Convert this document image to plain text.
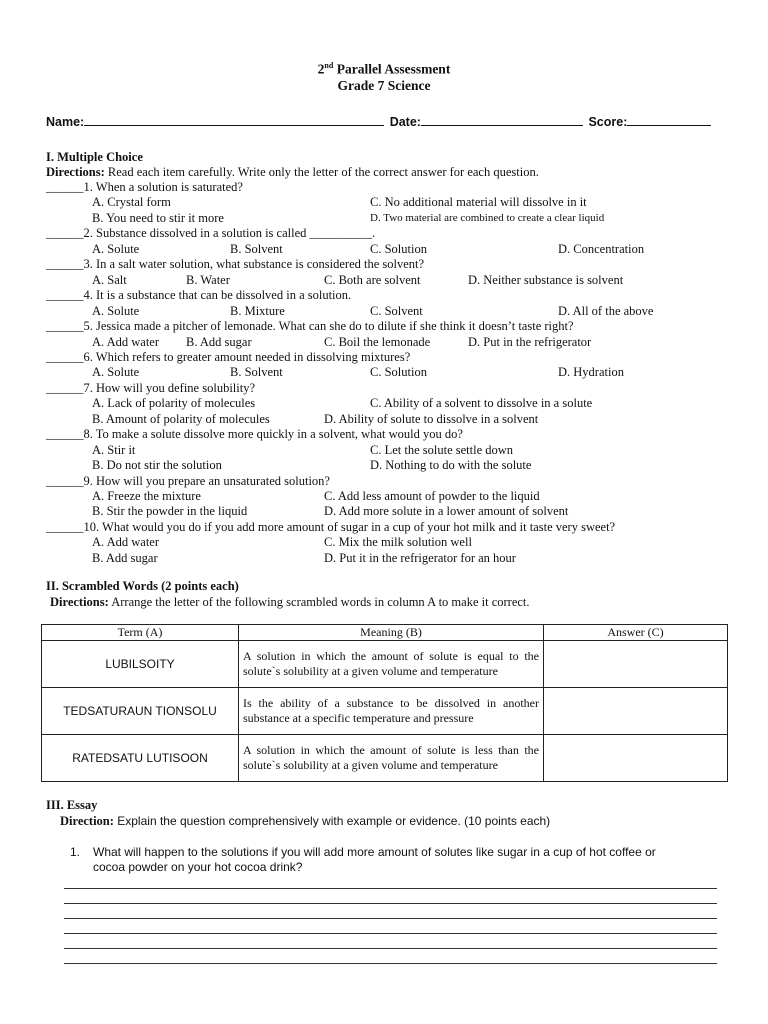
2nd Parallel Assessment
Grade 7 Science
Name:	Date:	Score:
I. Multiple Choice
Directions: Read each item carefully. Write only the letter of the correct answer for each question.
______1. When a solution is saturated?
A. Crystal form	C. No additional material will dissolve in it
B. You need to stir it more	D. Two material are combined to create a clear liquid
______2. Substance dissolved in a solution is called __________.
A. Solute	B. Solvent	C. Solution	D. Concentration
______3. In a salt water solution, what substance is considered the solvent?
A. Salt	B. Water	C. Both are solvent	D. Neither substance is solvent
______4. It is a substance that can be dissolved in a solution.
A. Solute	B. Mixture	C. Solvent	D. All of the above
______5. Jessica made a pitcher of lemonade. What can she do to dilute if she think it doesn’t taste right?
A. Add water B. Add sugar	C. Boil the lemonade	D. Put in the refrigerator
______6. Which refers to greater amount needed in dissolving mixtures?
A. Solute	B. Solvent	C. Solution	D. Hydration
______7. How will you define solubility?
A. Lack of polarity of molecules	C. Ability of a solvent to dissolve in a solute
B. Amount of polarity of molecules	D. Ability of solute to dissolve in a solvent
______8. To make a solute dissolve more quickly in a solvent, what would you do?
A. Stir it	C. Let the solute settle down
B. Do not stir the solution	D. Nothing to do with the solute
______9. How will you prepare an unsaturated solution?
A. Freeze the mixture	C. Add less amount of powder to the liquid
B. Stir the powder in the liquid	D. Add more solute in a lower amount of solvent
______10. What would you do if you add more amount of sugar in a cup of your hot milk and it taste very sweet?
A. Add water	C. Mix the milk solution well
B. Add sugar	D. Put it in the refrigerator for an hour
II. Scrambled Words (2 points each)
Directions: Arrange the letter of the following scrambled words in column A to make it correct.
Term (A)	Meaning (B)	Answer (C)
LUBILSOITY	A solution in which the amount of solute is equal to the solute`s solubility at a given volume and temperature	
TEDSATURAUN TIONSOLU	Is the ability of a substance to be dissolved in another substance at a specific temperature and pressure	
RATEDSATU LUTISOON	A solution in which the amount of solute is less than the solute`s solubility at a given volume and temperature	
III. Essay
Direction: Explain the question comprehensively with example or evidence. (10 points each)
1. What will happen to the solutions if you will add more amount of solutes like sugar in a cup of hot coffee or
cocoa powder on your hot cocoa drink?
